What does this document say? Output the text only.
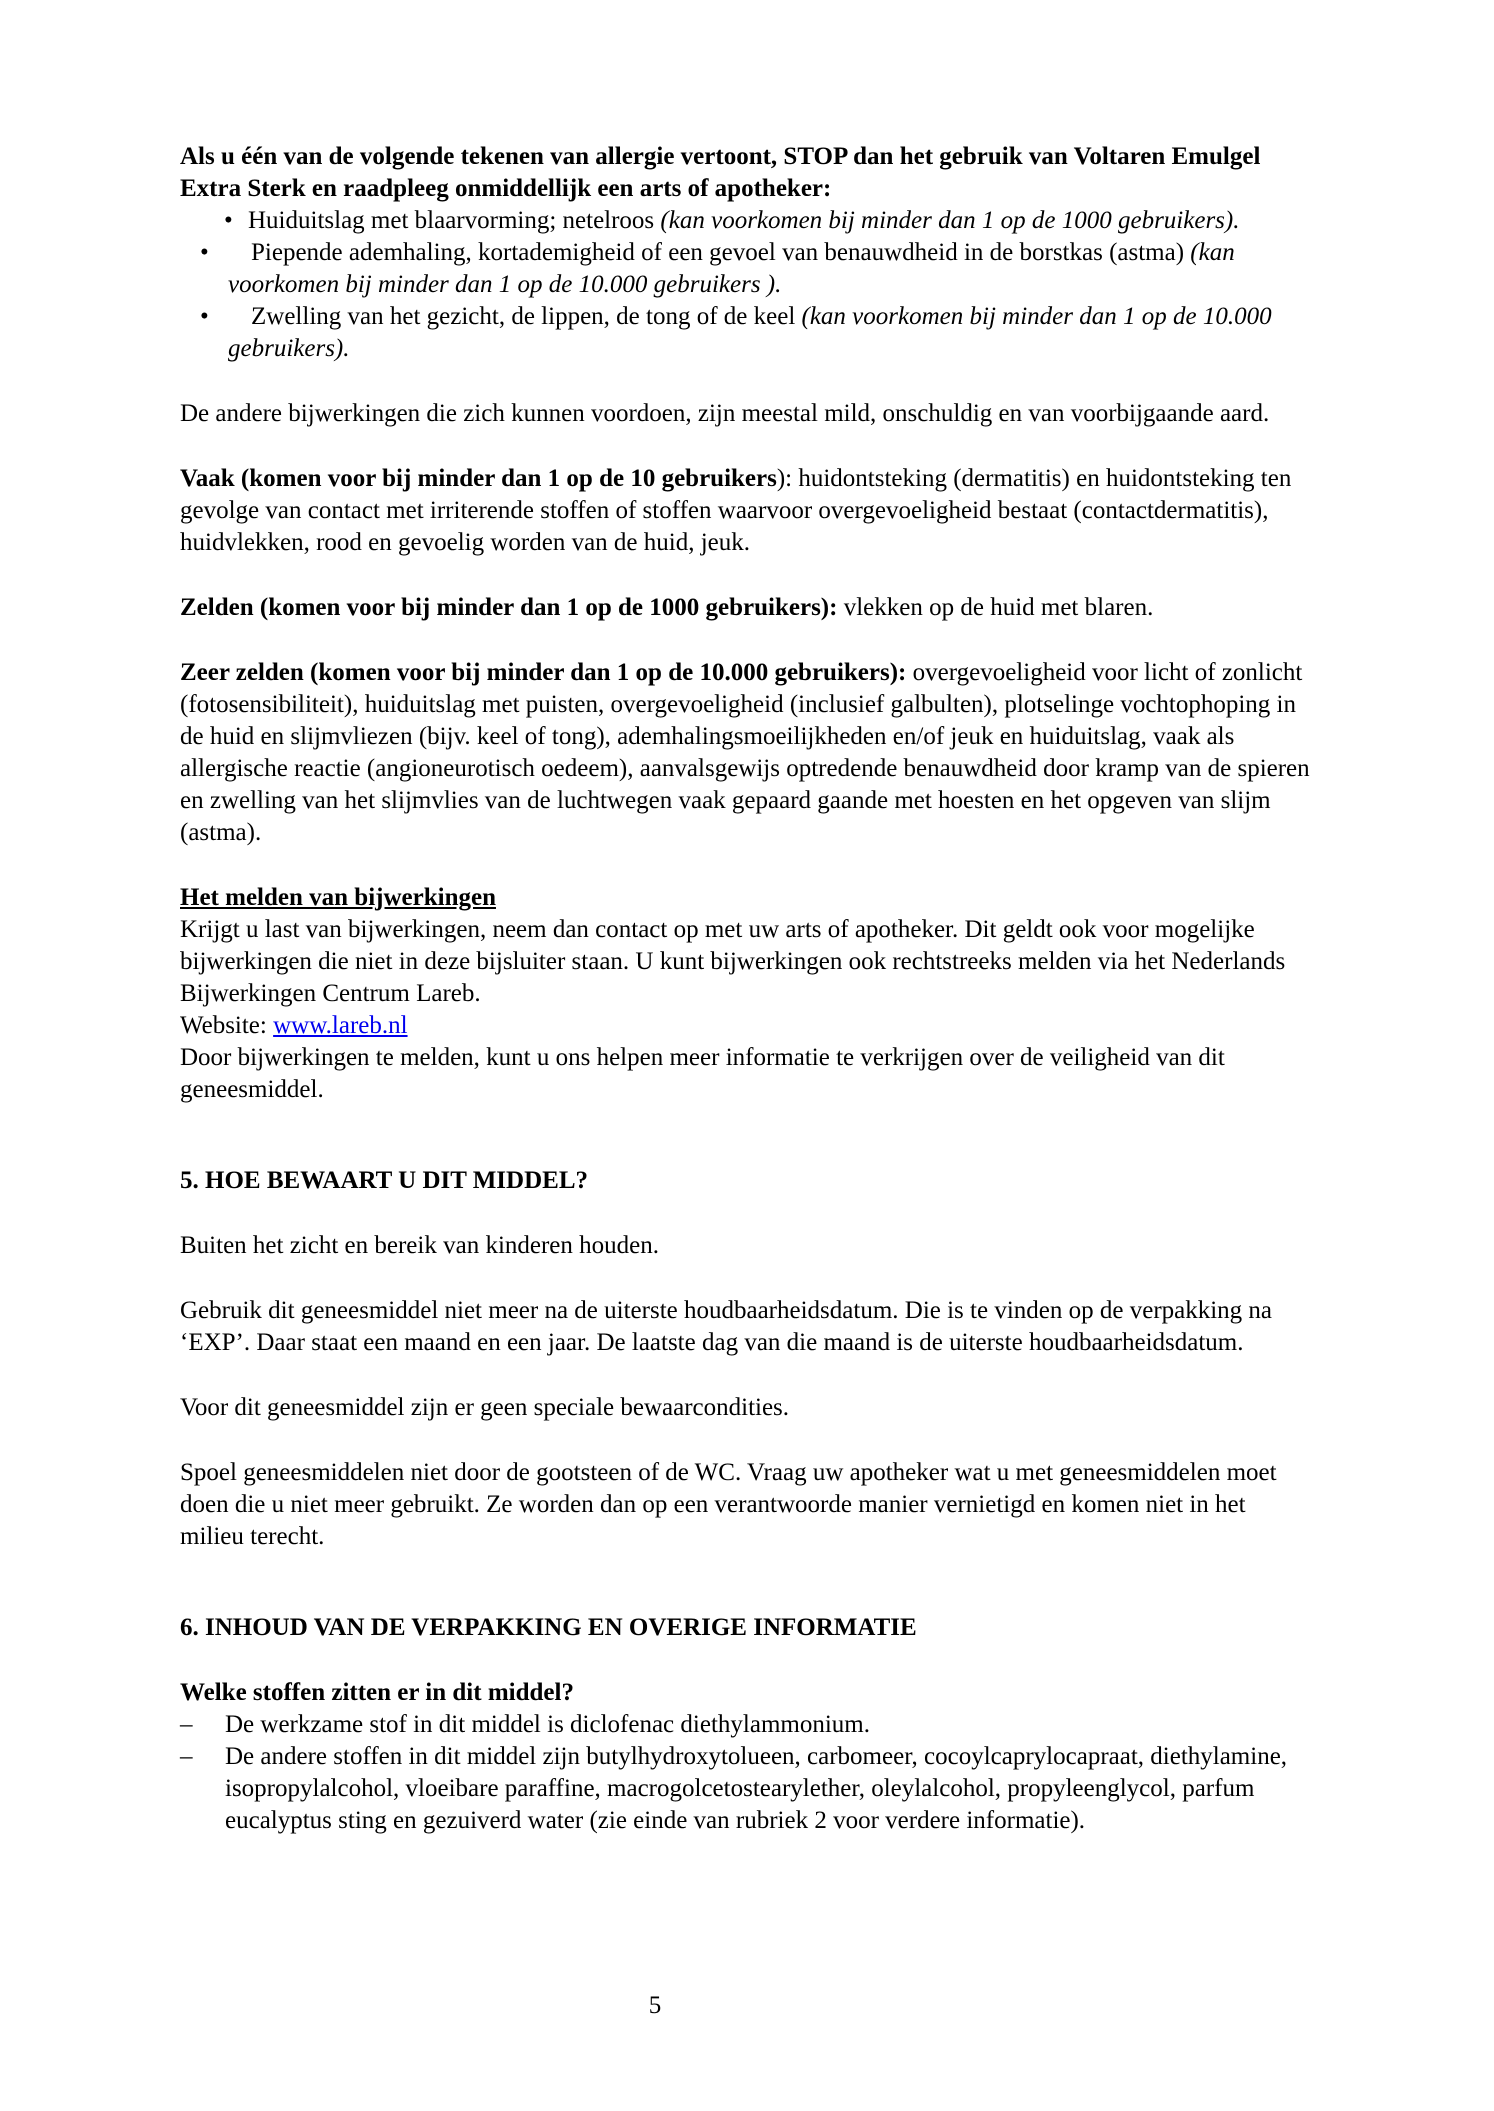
Als u één van de volgende tekenen van allergie vertoont, STOP dan het gebruik van Voltaren Emulgel Extra Sterk en raadpleeg onmiddellijk een arts of apotheker:

• Huiduitslag met blaarvorming; netelroos (kan voorkomen bij minder dan 1 op de 1000 gebruikers).
• Piepende ademhaling, kortademigheid of een gevoel van benauwdheid in de borstkas (astma) (kan voorkomen bij minder dan 1 op de 10.000 gebruikers ).
• Zwelling van het gezicht, de lippen, de tong of de keel (kan voorkomen bij minder dan 1 op de 10.000 gebruikers).

De andere bijwerkingen die zich kunnen voordoen, zijn meestal mild, onschuldig en van voorbijgaande aard.

Vaak (komen voor bij minder dan 1 op de 10 gebruikers): huidontsteking (dermatitis) en huidontsteking ten gevolge van contact met irriterende stoffen of stoffen waarvoor overgevoeligheid bestaat (contactdermatitis), huidvlekken, rood en gevoelig worden van de huid, jeuk.

Zelden (komen voor bij minder dan 1 op de 1000 gebruikers): vlekken op de huid met blaren.

Zeer zelden (komen voor bij minder dan 1 op de 10.000 gebruikers): overgevoeligheid voor licht of zonlicht (fotosensibiliteit), huiduitslag met puisten, overgevoeligheid (inclusief galbulten), plotselinge vochtophoping in de huid en slijmvliezen (bijv. keel of tong), ademhalingsmoeilijkheden en/of jeuk en huiduitslag, vaak als allergische reactie (angioneurotisch oedeem), aanvalsgewijs optredende benauwdheid door kramp van de spieren en zwelling van het slijmvlies van de luchtwegen vaak gepaard gaande met hoesten en het opgeven van slijm (astma).

Het melden van bijwerkingen

Krijgt u last van bijwerkingen, neem dan contact op met uw arts of apotheker. Dit geldt ook voor mogelijke bijwerkingen die niet in deze bijsluiter staan. U kunt bijwerkingen ook rechtstreeks melden via het Nederlands Bijwerkingen Centrum Lareb.

Website: www.lareb.nl

Door bijwerkingen te melden, kunt u ons helpen meer informatie te verkrijgen over de veiligheid van dit geneesmiddel.

5. HOE BEWAART U DIT MIDDEL?

Buiten het zicht en bereik van kinderen houden.

Gebruik dit geneesmiddel niet meer na de uiterste houdbaarheidsdatum. Die is te vinden op de verpakking na ‘EXP’. Daar staat een maand en een jaar. De laatste dag van die maand is de uiterste houdbaarheidsdatum.

Voor dit geneesmiddel zijn er geen speciale bewaarcondities.

Spoel geneesmiddelen niet door de gootsteen of de WC. Vraag uw apotheker wat u met geneesmiddelen moet doen die u niet meer gebruikt. Ze worden dan op een verantwoorde manier vernietigd en komen niet in het milieu terecht.

6. INHOUD VAN DE VERPAKKING EN OVERIGE INFORMATIE

Welke stoffen zitten er in dit middel?

– De werkzame stof in dit middel is diclofenac diethylammonium.
– De andere stoffen in dit middel zijn butylhydroxytolueen, carbomeer, cocoylcaprylocapraat, diethylamine, isopropylalcohol, vloeibare paraffine, macrogolcetostearylether, oleylalcohol, propyleenglycol, parfum eucalyptus sting en gezuiverd water (zie einde van rubriek 2 voor verdere informatie).
5
